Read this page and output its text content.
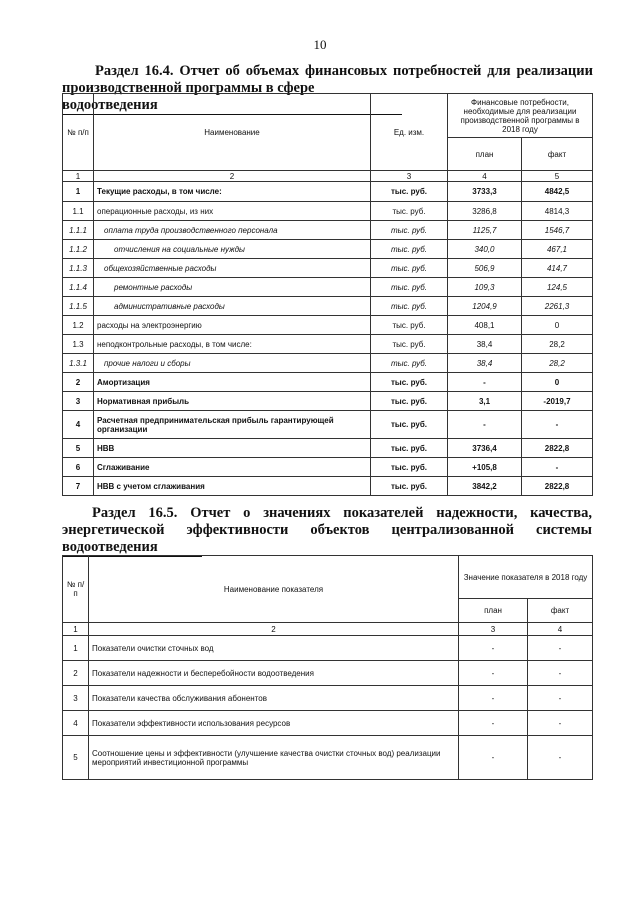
10
Раздел 16.4. Отчет об объемах финансовых потребностей для реализации
производственной программы в сфере водоотведения
№ п/п	Наименование	Ед. изм.	Финансовые потребности, необходимые для реализации производственной программы в 2018 году	
			план	факт
1	2	3	4	5
1	Текущие расходы, в том числе:	тыс. руб.	3733,3	4842,5
1.1	операционные расходы, из них	тыс. руб.	3286,8	4814,3
1.1.1	оплата труда производственного персонала	тыс. руб.	1125,7	1546,7
1.1.2	отчисления на социальные нужды	тыс. руб.	340,0	467,1
1.1.3	общехозяйственные расходы	тыс. руб.	506,9	414,7
1.1.4	ремонтные расходы	тыс. руб.	109,3	124,5
1.1.5	административные расходы	тыс. руб.	1204,9	2261,3
1.2	расходы на электроэнергию	тыс. руб.	408,1	0
1.3	неподконтрольные расходы, в том числе:	тыс. руб.	38,4	28,2
1.3.1	прочие налоги и сборы	тыс. руб.	38,4	28,2
2	Амортизация	тыс. руб.	-	0
3	Нормативная прибыль	тыс. руб.	3,1	-2019,7
4	Расчетная предпринимательская прибыль гарантирующей организации	тыс. руб.	-	-
5	НВВ	тыс. руб.	3736,4	2822,8
6	Сглаживание	тыс. руб.	+105,8	-
7	НВВ с учетом сглаживания	тыс. руб.	3842,2	2822,8
Раздел 16.5. Отчет о значениях показателей надежности, качества,
энергетической эффективности объектов централизованной системы
водоотведения
№ п/п	Наименование показателя	Значение показателя в 2018 году	
		план	факт
1	2	3	4
1	Показатели очистки сточных вод	-	-
2	Показатели надежности и бесперебойности водоотведения	-	-
3	Показатели качества обслуживания абонентов	-	-
4	Показатели эффективности использования ресурсов	-	-
5	Соотношение цены и эффективности (улучшение качества очистки сточных вод) реализации мероприятий инвестиционной программы	-	-
